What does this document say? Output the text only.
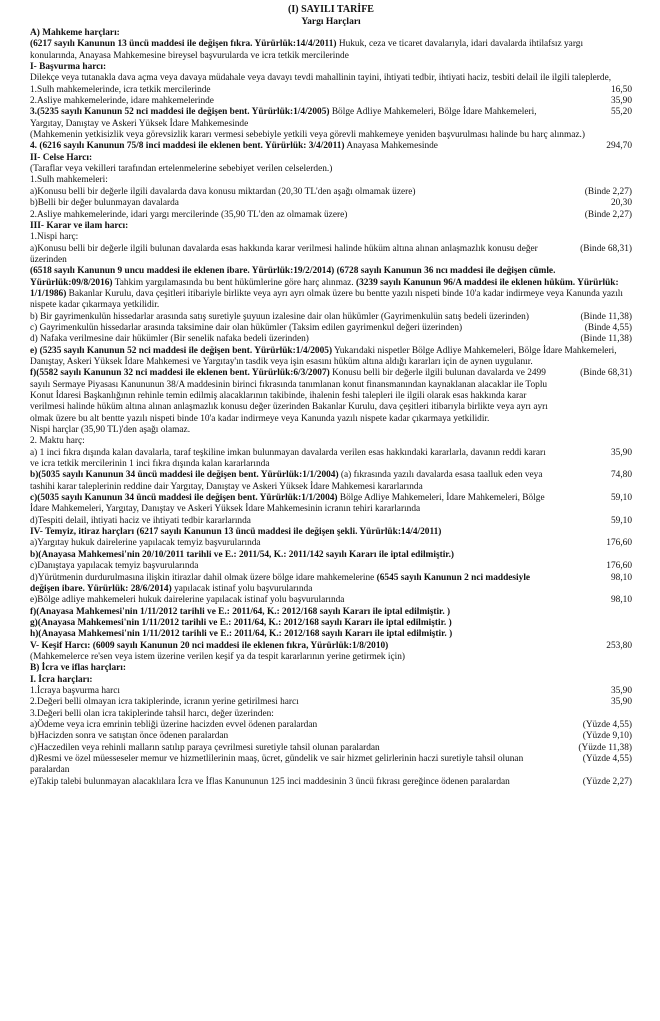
(I) SAYILI TARİFE
Yargı Harçları
A) Mahkeme harçları:
(6217 sayılı Kanunun 13 üncü maddesi ile değişen fıkra. Yürürlük:14/4/2011) Hukuk, ceza ve ticaret davalarıyla, idari davalarda ihtilafsız yargı konularında, Anayasa Mahkemesine bireysel başvurularda ve icra tetkik mercilerinde
I- Başvurma harcı:
Dilekçe veya tutanakla dava açma veya davaya müdahale veya davayı tevdi mahallinin tayini, ihtiyati tedbir, ihtiyati haciz, tesbiti delail ile ilgili taleplerde,
1.Sulh mahkemelerinde, icra tetkik mercilerinde	16,50
2.Asliye mahkemelerinde, idare mahkemelerinde	35,90
3.(5235 sayılı Kanunun 52 nci maddesi ile değişen bent. Yürürlük:1/4/2005) Bölge Adliye Mahkemeleri, Bölge İdare Mahkemeleri, Yargıtay, Danıştay ve Askeri Yüksek İdare Mahkemesinde
55,20
(Mahkemenin yetkisizlik veya görevsizlik kararı vermesi sebebiyle yetkili veya görevli mahkemeye yeniden başvurulması halinde bu harç alınmaz.)
4. (6216 sayılı Kanunun 75/8 inci maddesi ile eklenen bent. Yürürlük: 3/4/2011) Anayasa Mahkemesinde	294,70
II- Celse Harcı:
(Taraflar veya vekilleri tarafından ertelenmelerine sebebiyet verilen celselerden.)
1.Sulh mahkemeleri:
a)Konusu belli bir değerle ilgili davalarda dava konusu miktardan (20,30 TL'den aşağı olmamak üzere)	(Binde 2,27)
b)Belli bir değer bulunmayan davalarda	20,30
2.Asliye mahkemelerinde, idari yargı mercilerinde (35,90 TL'den az olmamak üzere)	(Binde 2,27)
III- Karar ve ilam harcı:
1.Nispi harç:
a)Konusu belli bir değerle ilgili bulunan davalarda esas hakkında karar verilmesi halinde hüküm altına alınan anlaşmazlık konusu değer üzerinden
(Binde 68,31)
(6518 sayılı Kanunun 9 uncu maddesi ile eklenen ibare. Yürürlük:19/2/2014) (6728 sayılı Kanunun 36 ncı maddesi ile değişen cümle. Yürürlük:09/8/2016) Tahkim yargılamasında bu bent hükümlerine göre harç alınmaz. (3239 sayılı Kanunun 96/A maddesi ile eklenen hüküm. Yürürlük: 1/1/1986) Bakanlar Kurulu, dava çeşitleri itibariyle birlikte veya ayrı ayrı olmak üzere bu bentte yazılı nispeti binde 10'a kadar indirmeye veya Kanunda yazılı nispete kadar çıkarmaya yetkilidir.
b) Bir gayrimenkulün hissedarlar arasında satış suretiyle şuyuun izalesine dair olan hükümler (Gayrimenkulün satış bedeli üzerinden)	(Binde 11,38)
c) Gayrimenkulün hissedarlar arasında taksimine dair olan hükümler (Taksim edilen gayrimenkul değeri üzerinden)	(Binde 4,55)
d) Nafaka verilmesine dair hükümler (Bir senelik nafaka bedeli üzerinden)	(Binde 11,38)
e) (5235 sayılı Kanunun 52 nci maddesi ile değişen bent. Yürürlük:1/4/2005) Yukarıdaki nispetler Bölge Adliye Mahkemeleri, Bölge İdare Mahkemeleri, Danıştay, Askeri Yüksek İdare Mahkemesi ve Yargıtay'ın tasdik veya işin esasını hüküm altına aldığı kararları için de aynen uygulanır.
f)(5582 sayılı Kanunun 32 nci maddesi ile eklenen bent. Yürürlük:6/3/2007) Konusu belli bir değerle ilgili bulunan davalarda ve 2499 sayılı Sermaye Piyasası Kanununun 38/A maddesinin birinci fıkrasında tanımlanan konut finansmanından kaynaklanan alacaklar ile Toplu Konut İdaresi Başkanlığının rehinle temin edilmiş alacaklarının takibinde, ihalenin feshi talepleri ile ilgili olarak esas hakkında karar verilmesi halinde hüküm altına alınan anlaşmazlık konusu değer üzerinden Bakanlar Kurulu, dava çeşitleri itibarıyla birlikte veya ayrı ayrı olmak üzere bu alt bentte yazılı nispeti binde 10'a kadar indirmeye veya Kanunda yazılı nispete kadar çıkarmaya yetkilidir.
(Binde 68,31)
Nispi harçlar (35,90 TL)'den aşağı olamaz.
2. Maktu harç:
a) 1 inci fıkra dışında kalan davalarla, taraf teşkiline imkan bulunmayan davalarda verilen esas hakkındaki kararlarla, davanın reddi kararı ve icra tetkik mercilerinin 1 inci fıkra dışında kalan kararlarında
35,90
b)(5035 sayılı Kanunun 34 üncü maddesi ile değişen bent. Yürürlük:1/1/2004) (a) fıkrasında yazılı davalarda esasa taalluk eden veya tashihi karar taleplerinin reddine dair Yargıtay, Danıştay ve Askeri Yüksek İdare Mahkemesi kararlarında
74,80
c)(5035 sayılı Kanunun 34 üncü maddesi ile değişen bent. Yürürlük:1/1/2004) Bölge Adliye Mahkemeleri, İdare Mahkemeleri, Bölge İdare Mahkemeleri, Yargıtay, Danıştay ve Askeri Yüksek İdare Mahkemesinin icranın tehiri kararlarında
59,10
d)Tespiti delail, ihtiyati haciz ve ihtiyati tedbir kararlarında	59,10
IV- Temyiz, itiraz harçları (6217 sayılı Kanunun 13 üncü maddesi ile değişen şekli. Yürürlük:14/4/2011)
a)Yargıtay hukuk dairelerine yapılacak temyiz başvurularında	176,60
b)(Anayasa Mahkemesi'nin 20/10/2011 tarihli ve E.: 2011/54, K.: 2011/142 sayılı Kararı ile iptal edilmiştir.)
c)Danıştaya yapılacak temyiz başvurularında	176,60
d)Yürütmenin durdurulmasına ilişkin itirazlar dahil olmak üzere bölge idare mahkemelerine (6545 sayılı Kanunun 2 nci maddesiyle değişen ibare. Yürürlük: 28/6/2014) yapılacak istinaf yolu başvurularında
98,10
e)Bölge adliye mahkemeleri hukuk dairelerine yapılacak istinaf yolu başvurularında	98,10
f)(Anayasa Mahkemesi'nin 1/11/2012 tarihli ve E.: 2011/64, K.: 2012/168 sayılı Kararı ile iptal edilmiştir. )
g)(Anayasa Mahkemesi'nin 1/11/2012 tarihli ve E.: 2011/64, K.: 2012/168 sayılı Kararı ile iptal edilmiştir. )
h)(Anayasa Mahkemesi'nin 1/11/2012 tarihli ve E.: 2011/64, K.: 2012/168 sayılı Kararı ile iptal edilmiştir. )
V- Keşif Harcı: (6009 sayılı Kanunun 20 nci maddesi ile eklenen fıkra, Yürürlük:1/8/2010)	253,80
(Mahkemelerce re'sen veya istem üzerine verilen keşif ya da tespit kararlarının yerine getirmek için)
B) İcra ve iflas harçları:
I. İcra harçları:
1.İcraya başvurma harcı	35,90
2.Değeri belli olmayan icra takiplerinde, icranın yerine getirilmesi harcı	35,90
3.Değeri belli olan icra takiplerinde tahsil harcı, değer üzerinden:
a)Ödeme veya icra emrinin tebliği üzerine hacizden evvel ödenen paralardan	(Yüzde 4,55)
b)Hacizden sonra ve satıştan önce ödenen paralardan	(Yüzde 9,10)
c)Haczedilen veya rehinli malların satılıp paraya çevrilmesi suretiyle tahsil olunan paralardan	(Yüzde 11,38)
d)Resmi ve özel müesseseler memur ve hizmetlilerinin maaş, ücret, gündelik ve sair hizmet gelirlerinin haczi suretiyle tahsil olunan paralardan
(Yüzde 4,55)
e)Takip talebi bulunmayan alacaklılara İcra ve İflas Kanununun 125 inci maddesinin 3 üncü fıkrası gereğince ödenen paralardan	(Yüzde 2,27)
